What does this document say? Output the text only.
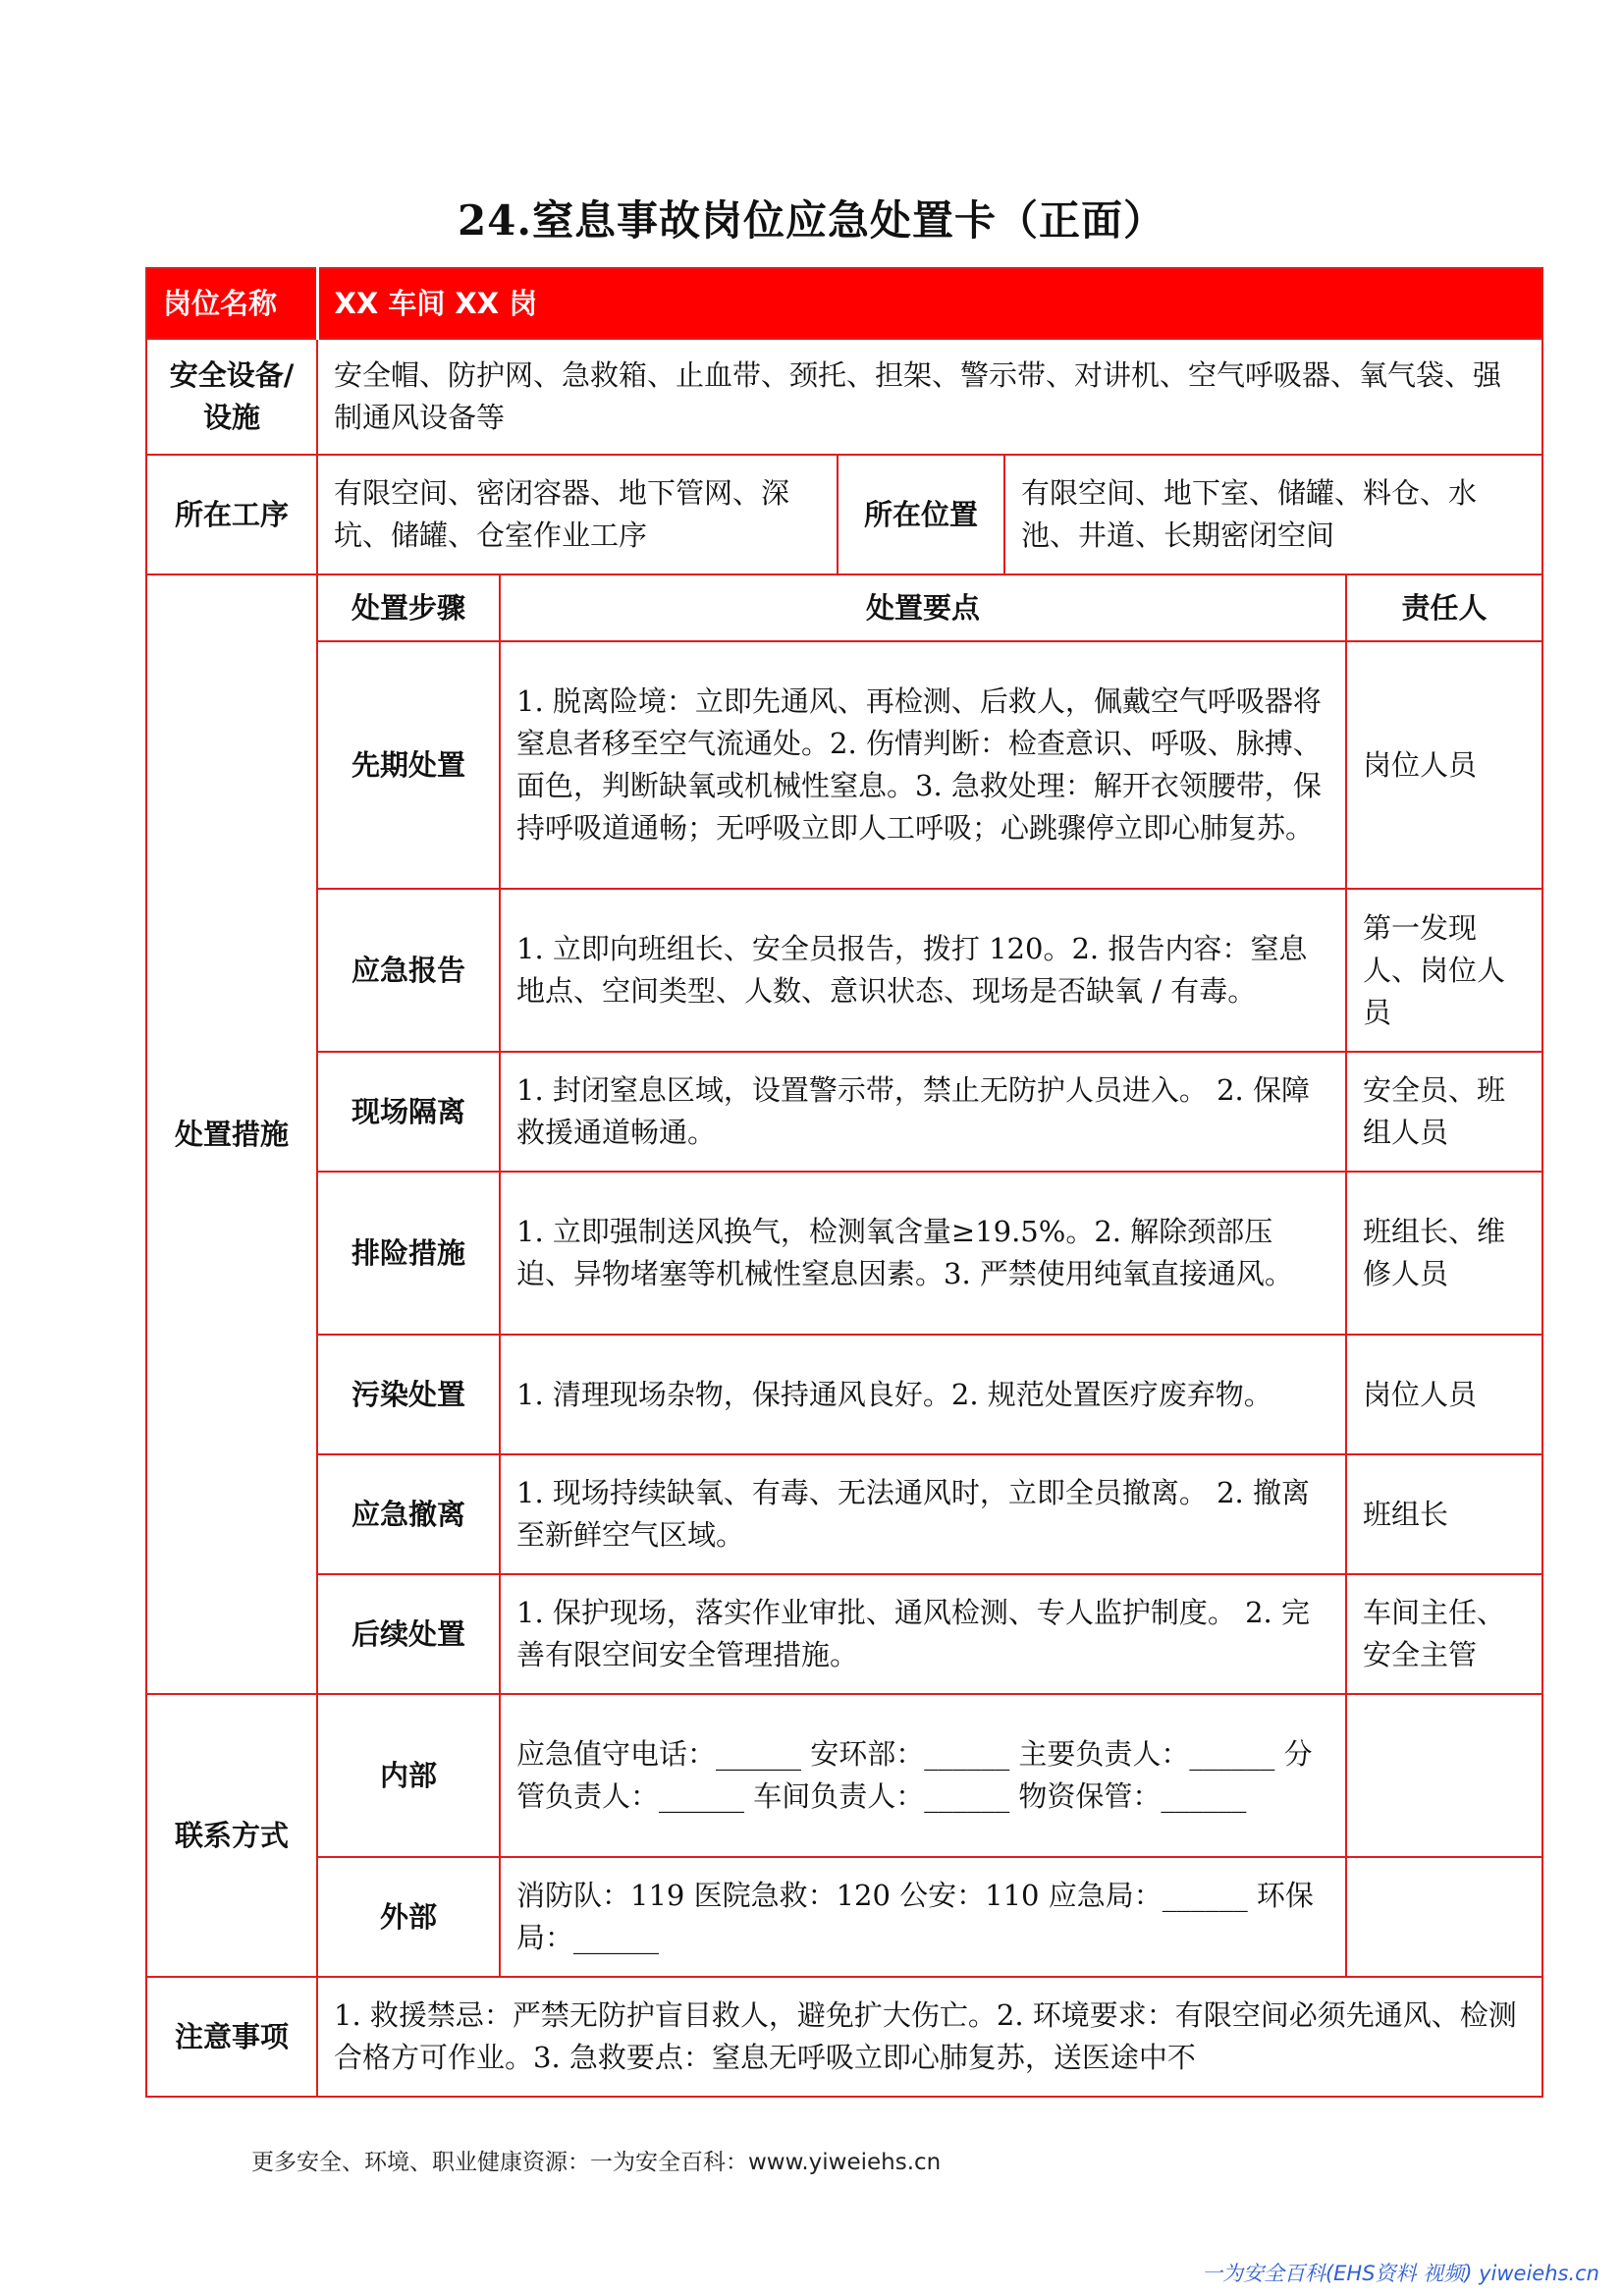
24.窒息事故岗位应急处置卡（正面）
岗位名称	XX 车间 XX 岗				
安全设备/设施	安全帽、防护网、急救箱、止血带、颈托、担架、警示带、对讲机、空气呼吸器、氧气袋、强制通风设备等				
所在工序	有限空间、密闭容器、地下管网、深坑、储罐、仓室作业工序		所在位置	有限空间、地下室、储罐、料仓、水池、井道、长期密闭空间	
处置措施	处置步骤	处置要点			责任人
	先期处置	1. 脱离险境：立即先通风、再检测、后救人，佩戴空气呼吸器将窒息者移至空气流通处。2. 伤情判断：检查意识、呼吸、脉搏、面色，判断缺氧或机械性窒息。3. 急救处理：解开衣领腰带，保持呼吸道通畅；无呼吸立即人工呼吸；心跳骤停立即心肺复苏。			岗位人员
	应急报告	1. 立即向班组长、安全员报告，拨打 120。2. 报告内容：窒息地点、空间类型、人数、意识状态、现场是否缺氧 / 有毒。			第一发现人、岗位人员
	现场隔离	1. 封闭窒息区域，设置警示带，禁止无防护人员进入。 2. 保障救援通道畅通。			安全员、班组人员
	排险措施	1. 立即强制送风换气，检测氧含量≥19.5%。2. 解除颈部压迫、异物堵塞等机械性窒息因素。3. 严禁使用纯氧直接通风。			班组长、维修人员
	污染处置	1. 清理现场杂物，保持通风良好。2. 规范处置医疗废弃物。			岗位人员
	应急撤离	1. 现场持续缺氧、有毒、无法通风时，立即全员撤离。 2. 撤离至新鲜空气区域。			班组长
	后续处置	1. 保护现场，落实作业审批、通风检测、专人监护制度。 2. 完善有限空间安全管理措施。			车间主任、安全主管
联系方式	内部	应急值守电话：______ 安环部：______ 主要负责人：______ 分管负责人：______ 车间负责人：______ 物资保管：______			
	外部	消防队：119 医院急救：120 公安：110 应急局：______ 环保局：______			
注意事项	1. 救援禁忌：严禁无防护盲目救人，避免扩大伤亡。2. 环境要求：有限空间必须先通风、检测合格方可作业。3. 急救要点：窒息无呼吸立即心肺复苏，送医途中不				
更多安全、环境、职业健康资源：一为安全百科：www.yiweiehs.cn
一为安全百科(EHS资料 视频) yiweiehs.cn
